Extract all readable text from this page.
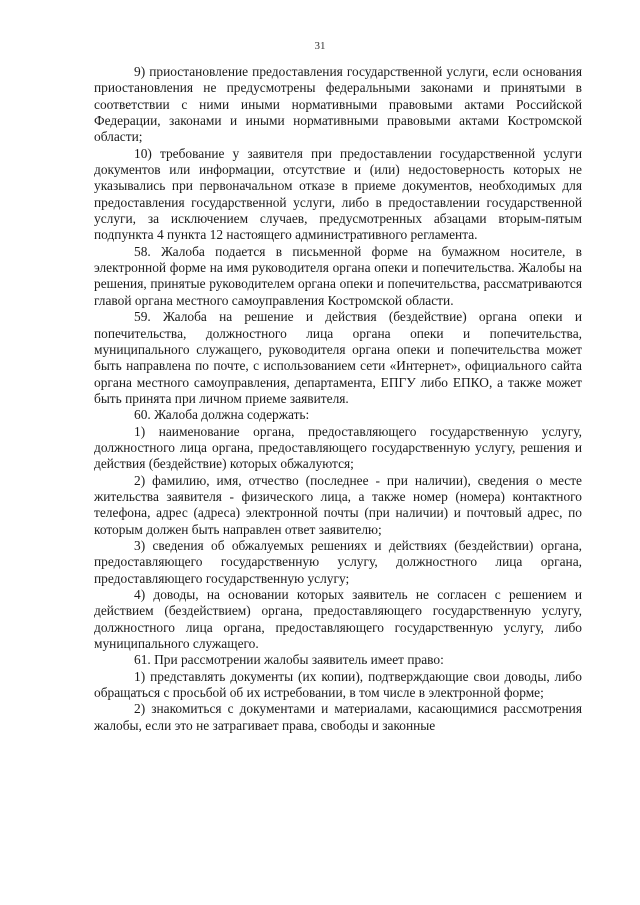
31

9) приостановление предоставления государственной услуги, если основания приостановления не предусмотрены федеральными законами и принятыми в соответствии с ними иными нормативными правовыми актами Российской Федерации, законами и иными нормативными правовыми актами Костромской области;

10) требование у заявителя при предоставлении государственной услуги документов или информации, отсутствие и (или) недостоверность которых не указывались при первоначальном отказе в приеме документов, необходимых для предоставления государственной услуги, либо в предоставлении государственной услуги, за исключением случаев, предусмотренных абзацами вторым-пятым подпункта 4 пункта 12 настоящего административного регламента.

58. Жалоба подается в письменной форме на бумажном носителе, в электронной форме на имя руководителя органа опеки и попечительства. Жалобы на решения, принятые руководителем органа опеки и попечительства, рассматриваются главой органа местного самоуправления Костромской области.

59. Жалоба на решение и действия (бездействие) органа опеки и попечительства, должностного лица органа опеки и попечительства, муниципального служащего, руководителя органа опеки и попечительства может быть направлена по почте, с использованием сети «Интернет», официального сайта органа местного самоуправления, департамента, ЕПГУ либо ЕПКО, а также может быть принята при личном приеме заявителя.

60. Жалоба должна содержать:

1) наименование органа, предоставляющего государственную услугу, должностного лица органа, предоставляющего государственную услугу, решения и действия (бездействие) которых обжалуются;

2) фамилию, имя, отчество (последнее - при наличии), сведения о месте жительства заявителя - физического лица, а также номер (номера) контактного телефона, адрес (адреса) электронной почты (при наличии) и почтовый адрес, по которым должен быть направлен ответ заявителю;

3) сведения об обжалуемых решениях и действиях (бездействии) органа, предоставляющего государственную услугу, должностного лица органа, предоставляющего государственную услугу;

4) доводы, на основании которых заявитель не согласен с решением и действием (бездействием) органа, предоставляющего государственную услугу, должностного лица органа, предоставляющего государственную услугу, либо муниципального служащего.

61. При рассмотрении жалобы заявитель имеет право:

1) представлять документы (их копии), подтверждающие свои доводы, либо обращаться с просьбой об их истребовании, в том числе в электронной форме;

2) знакомиться с документами и материалами, касающимися рассмотрения жалобы, если это не затрагивает права, свободы и законные
